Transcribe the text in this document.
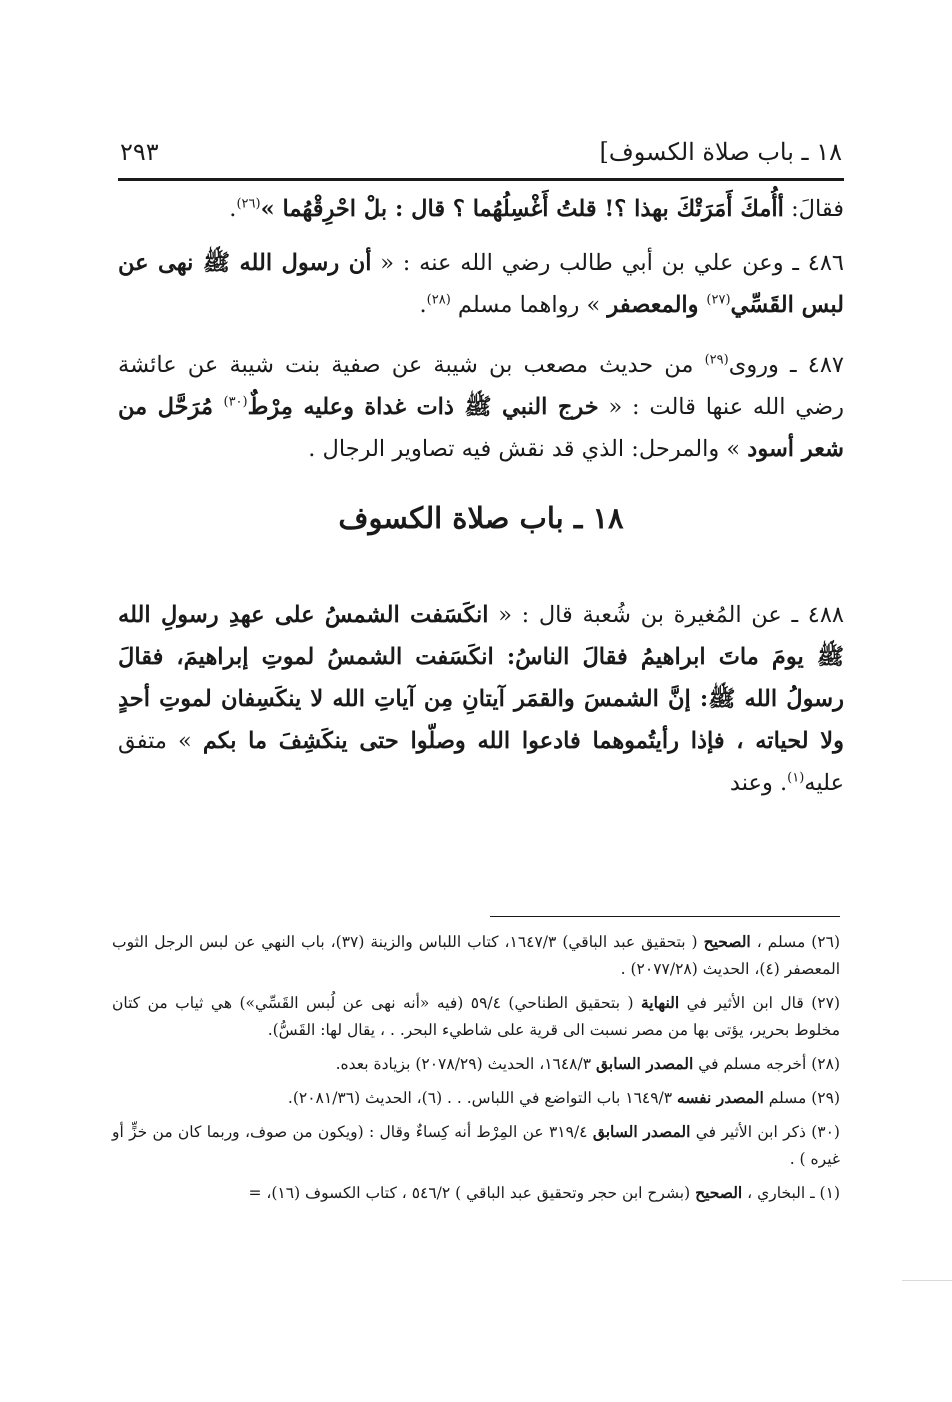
١٨ ـ باب صلاة الكسوف]
٢٩٣

فقالَ: أأُمكَ أَمَرَتْكَ بهذا ؟! قلتُ أَغْسِلُهُما ؟ قال : بلْ احْرِقْهُما »$^{(٢٦)}$.

٤٨٦ ـ وعن علي بن أبي طالب رضي الله عنه : « أن رسول الله ﷺ نهى عن لبس القَسِّي$^{(٢٧)}$ والمعصفر » رواهما مسلم $^{(٢٨)}$.

٤٨٧ ـ وروى$^{(٢٩)}$ من حديث مصعب بن شيبة عن صفية بنت شيبة عن عائشة رضي الله عنها قالت : « خرج النبي ﷺ ذات غداة وعليه مِرْطٌ$^{(٣٠)}$ مُرَحَّل من شعر أسود » والمرحل: الذي قد نقش فيه تصاوير الرجال .

١٨ ـ باب صلاة الكسوف

٤٨٨ ـ عن المُغيرة بن شُعبة قال : « انكَسَفت الشمسُ على عهدِ رسولِ الله ﷺ يومَ ماتَ ابراهيمُ فقالَ الناسُ: انكَسَفت الشمسُ لموتِ إبراهيمَ، فقالَ رسولُ الله ﷺ: إنَّ الشمسَ والقمَر آيتانِ مِن آياتِ الله لا ينكَسِفان لموتِ أحدٍ ولا لحياته ، فإذا رأيتُموهما فادعوا الله وصلّوا حتى ينكَشِفَ ما بكم » متفق عليه$^{(١)}$. وعند

(٢٦) مسلم ، الصحيح ( بتحقيق عبد الباقي) ١٦٤٧/٣، كتاب اللباس والزينة (٣٧)، باب النهي عن لبس الرجل الثوب المعصفر (٤)، الحديث (٢٠٧٧/٢٨) .

(٢٧) قال ابن الأثير في النهاية ( بتحقيق الطناحي) ٥٩/٤ (فيه «أنه نهى عن لُبس القَسِّي») هي ثياب من كتان مخلوط بحرير، يؤتى بها من مصر نسبت الى قرية على شاطيء البحر. . ، يقال لها: القَسُّ).

(٢٨) أخرجه مسلم في المصدر السابق ١٦٤٨/٣، الحديث (٢٠٧٨/٢٩) بزيادة بعده.

(٢٩) مسلم المصدر نفسه ١٦٤٩/٣ باب التواضع في اللباس. . . (٦)، الحديث (٢٠٨١/٣٦).

(٣٠) ذكر ابن الأثير في المصدر السابق ٣١٩/٤ عن المِرْط أنه كِساءٌ وقال : (ويكون من صوف، وربما كان من خزٍّ أو غيره ) .

(١) ـ البخاري ، الصحيح (بشرح ابن حجر وتحقيق عبد الباقي ) ٥٤٦/٢ ، كتاب الكسوف (١٦)، =
